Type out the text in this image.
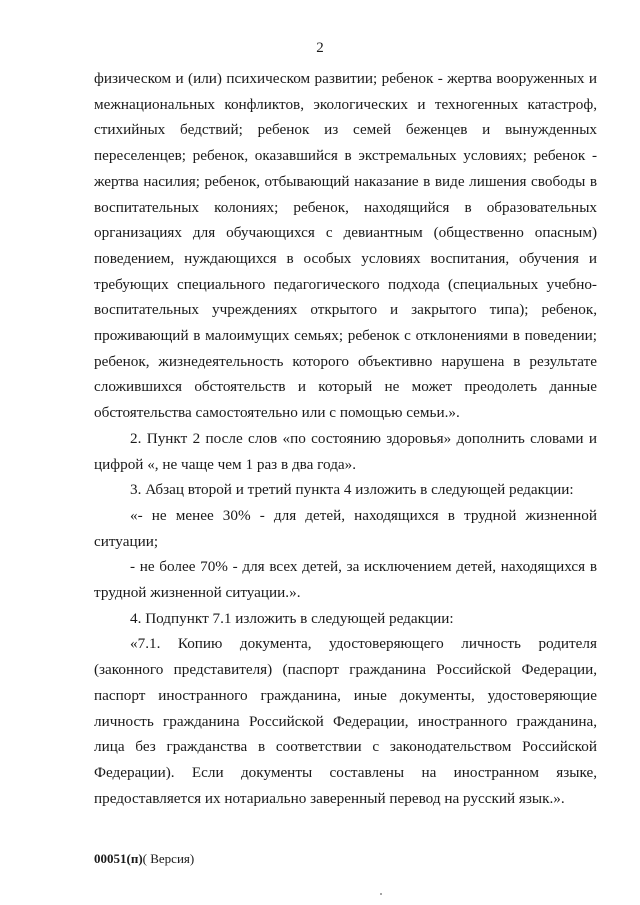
2

физическом и (или) психическом развитии; ребенок - жертва вооруженных и межнациональных конфликтов, экологических и техногенных катастроф, стихийных бедствий; ребенок из семей беженцев и вынужденных переселенцев; ребенок, оказавшийся в экстремальных условиях; ребенок - жертва насилия; ребенок, отбывающий наказание в виде лишения свободы в воспитательных колониях; ребенок, находящийся в образовательных организациях для обучающихся с девиантным (общественно опасным) поведением, нуждающихся в особых условиях воспитания, обучения и требующих специального педагогического подхода (специальных учебно-воспитательных учреждениях открытого и закрытого типа); ребенок, проживающий в малоимущих семьях; ребенок с отклонениями в поведении; ребенок, жизнедеятельность которого объективно нарушена в результате сложившихся обстоятельств и который не может преодолеть данные обстоятельства самостоятельно или с помощью семьи.».

2. Пункт 2 после слов «по состоянию здоровья» дополнить словами и цифрой «, не чаще чем 1 раз в два года».

3. Абзац второй и третий пункта 4 изложить в следующей редакции:

«- не менее 30% - для детей, находящихся в трудной жизненной ситуации;

- не более 70% - для всех детей, за исключением детей, находящихся в трудной жизненной ситуации.».

4. Подпункт 7.1 изложить в следующей редакции:

«7.1. Копию документа, удостоверяющего личность родителя (законного представителя) (паспорт гражданина Российской Федерации, паспорт иностранного гражданина, иные документы, удостоверяющие личность гражданина Российской Федерации, иностранного гражданина, лица без гражданства в соответствии с законодательством Российской Федерации). Если документы составлены на иностранном языке, предоставляется их нотариально заверенный перевод на русский язык.».

00051(п)( Версия)
